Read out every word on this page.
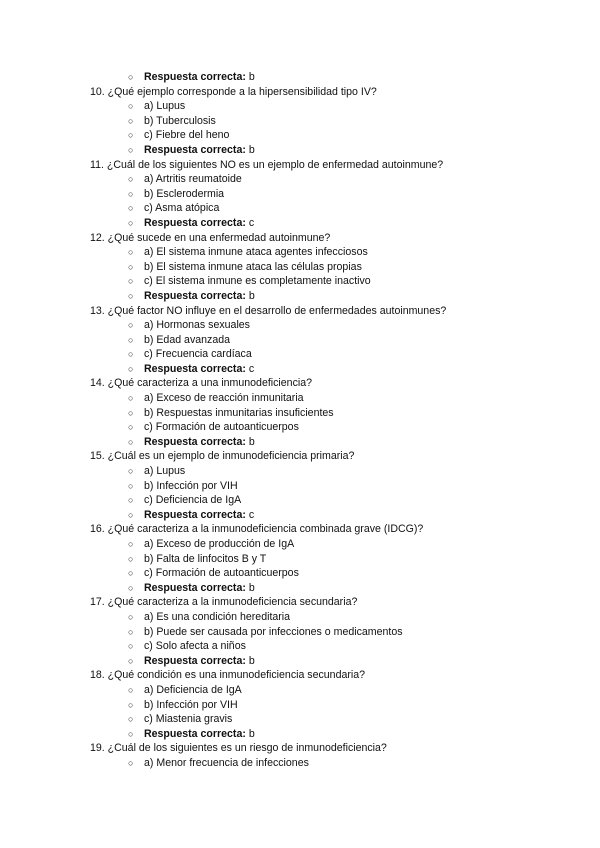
○ Respuesta correcta: b
10. ¿Qué ejemplo corresponde a la hipersensibilidad tipo IV?
○ a) Lupus
○ b) Tuberculosis
○ c) Fiebre del heno
○ Respuesta correcta: b
11. ¿Cuál de los siguientes NO es un ejemplo de enfermedad autoinmune?
○ a) Artritis reumatoide
○ b) Esclerodermia
○ c) Asma atópica
○ Respuesta correcta: c
12. ¿Qué sucede en una enfermedad autoinmune?
○ a) El sistema inmune ataca agentes infecciosos
○ b) El sistema inmune ataca las células propias
○ c) El sistema inmune es completamente inactivo
○ Respuesta correcta: b
13. ¿Qué factor NO influye en el desarrollo de enfermedades autoinmunes?
○ a) Hormonas sexuales
○ b) Edad avanzada
○ c) Frecuencia cardíaca
○ Respuesta correcta: c
14. ¿Qué caracteriza a una inmunodeficiencia?
○ a) Exceso de reacción inmunitaria
○ b) Respuestas inmunitarias insuficientes
○ c) Formación de autoanticuerpos
○ Respuesta correcta: b
15. ¿Cuál es un ejemplo de inmunodeficiencia primaria?
○ a) Lupus
○ b) Infección por VIH
○ c) Deficiencia de IgA
○ Respuesta correcta: c
16. ¿Qué caracteriza a la inmunodeficiencia combinada grave (IDCG)?
○ a) Exceso de producción de IgA
○ b) Falta de linfocitos B y T
○ c) Formación de autoanticuerpos
○ Respuesta correcta: b
17. ¿Qué caracteriza a la inmunodeficiencia secundaria?
○ a) Es una condición hereditaria
○ b) Puede ser causada por infecciones o medicamentos
○ c) Solo afecta a niños
○ Respuesta correcta: b
18. ¿Qué condición es una inmunodeficiencia secundaria?
○ a) Deficiencia de IgA
○ b) Infección por VIH
○ c) Miastenia gravis
○ Respuesta correcta: b
19. ¿Cuál de los siguientes es un riesgo de inmunodeficiencia?
○ a) Menor frecuencia de infecciones
